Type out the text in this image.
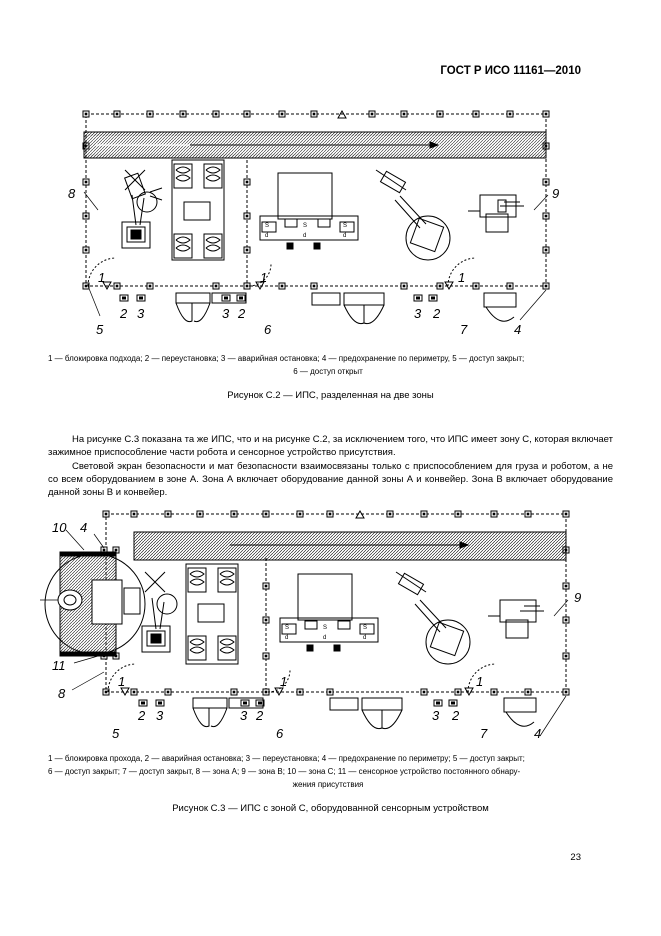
ГОСТ Р ИСО 11161—2010
8	9
1	1	1
2 3	3 2	3 2
4
5	6	7
S
d
S
d
S
d
1 — блокировка подхода; 2 — переустановка; 3 — аварийная остановка; 4 — предохранение по периметру, 5 — доступ закрыт;
6 — доступ открыт
Рисунок С.2 — ИПС, разделенная на две зоны

На рисунке С.3 показана та же ИПС, что и на рисунке С.2, за исключением того, что ИПС имеет зону С, которая включает зажимное приспособление части робота и сенсорное устройство присутствия.

Световой экран безопасности и мат безопасности взаимосвязаны только с приспособлением для груза и роботом, а не со всем оборудованием в зоне А. Зона А включает оборудование данной зоны А и конвейер. Зона В включает оборудование данной зоны В и конвейер.

10 4
11
8
9
1	1	1
2 3	3 2	3 2
4
5	6	7
S
d
S
d
S
d
1 — блокировка прохода, 2 — аварийная остановка; 3 — переустановка; 4 — предохранение по периметру; 5 — доступ закрыт;
6 — доступ закрыт; 7 — доступ закрыт, 8 — зона А; 9 — зона В; 10 — зона С; 11 — сенсорное устройство постоянного обнару-
жения присутствия
Рисунок С.3 — ИПС с зоной С, оборудованной сенсорным устройством
23
